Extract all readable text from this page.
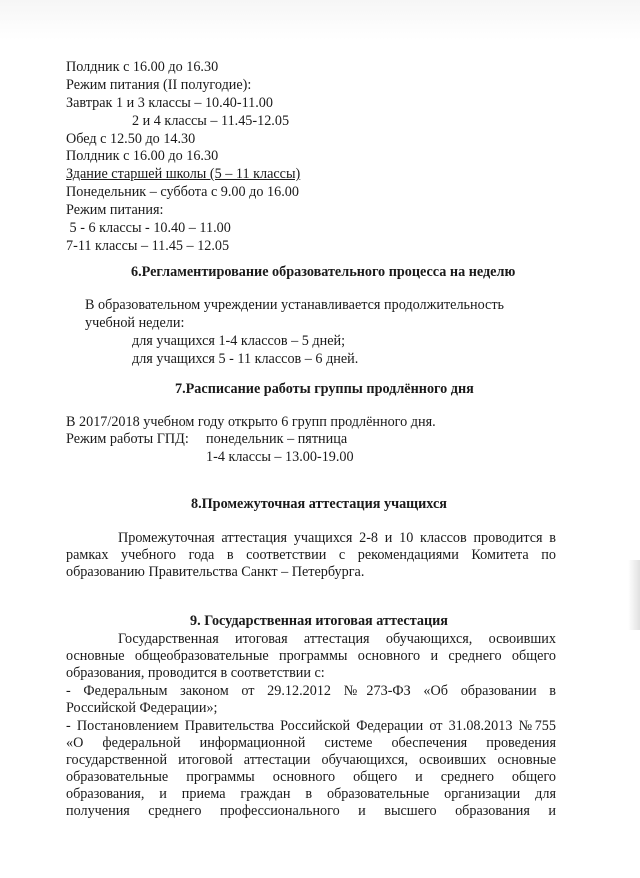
Полдник с 16.00 до 16.30
Режим питания (II полугодие):
Завтрак 1 и 3 классы – 10.40-11.00
2 и 4 классы – 11.45-12.05
Обед с 12.50 до 14.30
Полдник с 16.00 до 16.30
Здание старшей школы (5 – 11 классы)
Понедельник – суббота с 9.00 до 16.00
Режим питания:
5 - 6 классы - 10.40 – 11.00
7-11 классы – 11.45 – 12.05
6.Регламентирование образовательного процесса на неделю
В образовательном учреждении устанавливается продолжительность
учебной недели:
для учащихся 1-4 классов – 5 дней;
для учащихся 5 - 11 классов – 6 дней.
7.Расписание работы группы продлённого дня
В 2017/2018 учебном году открыто 6 групп продлённого дня.
Режим работы ГПД: понедельник – пятница
1-4 классы – 13.00-19.00
8.Промежуточная аттестация учащихся
Промежуточная аттестация учащихся 2-8 и 10 классов проводится в
рамках учебного года в соответствии с рекомендациями Комитета по
образованию Правительства Санкт – Петербурга.
9. Государственная итоговая аттестация
Государственная итоговая аттестация обучающихся, освоивших
основные общеобразовательные программы основного и среднего общего
образования, проводится в соответствии с:
- Федеральным законом от 29.12.2012 №273-ФЗ «Об образовании в
Российской Федерации»;
- Постановлением Правительства Российской Федерации от 31.08.2013 №755
«О федеральной информационной системе обеспечения проведения
государственной итоговой аттестации обучающихся, освоивших основные
образовательные программы основного общего и среднего общего
образования, и приема граждан в образовательные организации для
получения среднего профессионального и высшего образования и
